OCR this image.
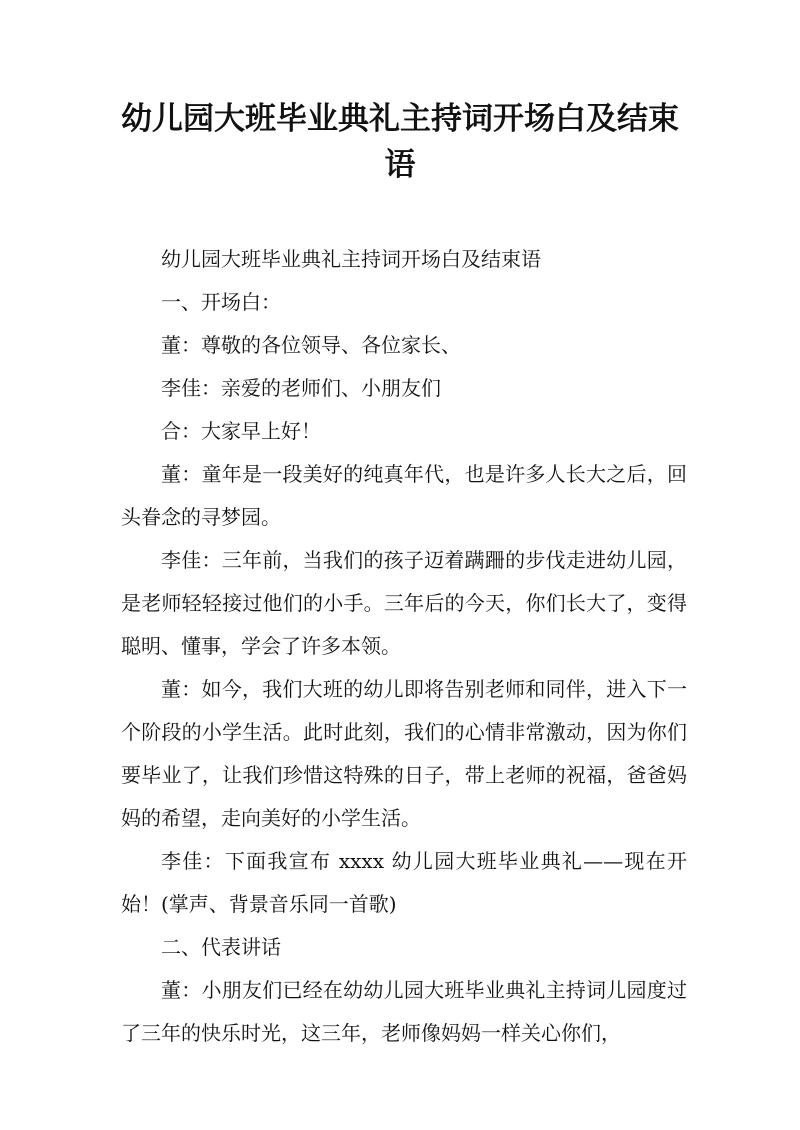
幼儿园大班毕业典礼主持词开场白及结束语

幼儿园大班毕业典礼主持词开场白及结束语

一、开场白：

董：尊敬的各位领导、各位家长、

李佳：亲爱的老师们、小朋友们

合：大家早上好！

董：童年是一段美好的纯真年代，也是许多人长大之后，回头眷念的寻梦园。

李佳：三年前，当我们的孩子迈着蹒跚的步伐走进幼儿园，是老师轻轻接过他们的小手。三年后的今天，你们长大了，变得聪明、懂事，学会了许多本领。

董：如今，我们大班的幼儿即将告别老师和同伴，进入下一个阶段的小学生活。此时此刻，我们的心情非常激动，因为你们要毕业了，让我们珍惜这特殊的日子，带上老师的祝福，爸爸妈妈的希望，走向美好的小学生活。

李佳：下面我宣布 xxxx 幼儿园大班毕业典礼——现在开始！(掌声、背景音乐同一首歌)

二、代表讲话

董：小朋友们已经在幼幼儿园大班毕业典礼主持词儿园度过了三年的快乐时光，这三年，老师像妈妈一样关心你们，
